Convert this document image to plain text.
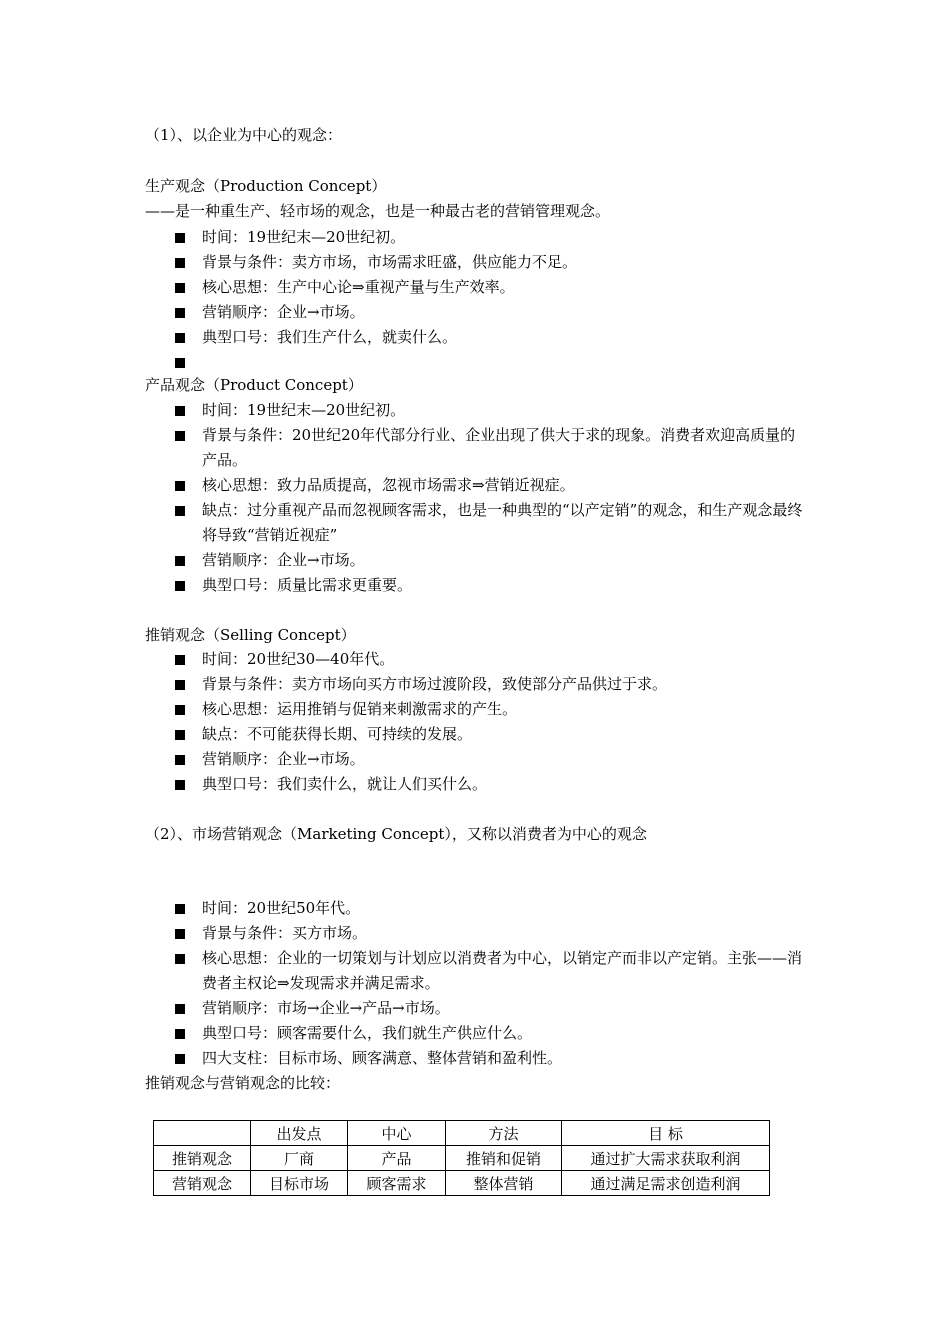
（1）、以企业为中心的观念：
生产观念（Production Concept）
——是一种重生产、轻市场的观念，也是一种最古老的营销管理观念。
时间：19世纪末—20世纪初。
背景与条件：卖方市场，市场需求旺盛，供应能力不足。
核心思想：生产中心论⇒重视产量与生产效率。
营销顺序：企业→市场。
典型口号：我们生产什么，就卖什么。
产品观念（Product Concept）
时间：19世纪末—20世纪初。
背景与条件：20世纪20年代部分行业、企业出现了供大于求的现象。消费者欢迎高质量的产品。
核心思想：致力品质提高，忽视市场需求⇒营销近视症。
缺点：过分重视产品而忽视顾客需求，也是一种典型的“以产定销”的观念，和生产观念最终将导致“营销近视症”
营销顺序：企业→市场。
典型口号：质量比需求更重要。
推销观念（Selling Concept）
时间：20世纪30—40年代。
背景与条件：卖方市场向买方市场过渡阶段，致使部分产品供过于求。
核心思想：运用推销与促销来刺激需求的产生。
缺点：不可能获得长期、可持续的发展。
营销顺序：企业→市场。
典型口号：我们卖什么，就让人们买什么。
（2）、市场营销观念（Marketing Concept），又称以消费者为中心的观念
时间：20世纪50年代。
背景与条件：买方市场。
核心思想：企业的一切策划与计划应以消费者为中心，以销定产而非以产定销。主张——消费者主权论⇒发现需求并满足需求。
营销顺序：市场→企业→产品→市场。
典型口号：顾客需要什么，我们就生产供应什么。
四大支柱：目标市场、顾客满意、整体营销和盈利性。
推销观念与营销观念的比较：
	出发点	中心	方法	目 标
推销观念	厂商	产品	推销和促销	通过扩大需求获取利润
营销观念	目标市场	顾客需求	整体营销	通过满足需求创造利润
